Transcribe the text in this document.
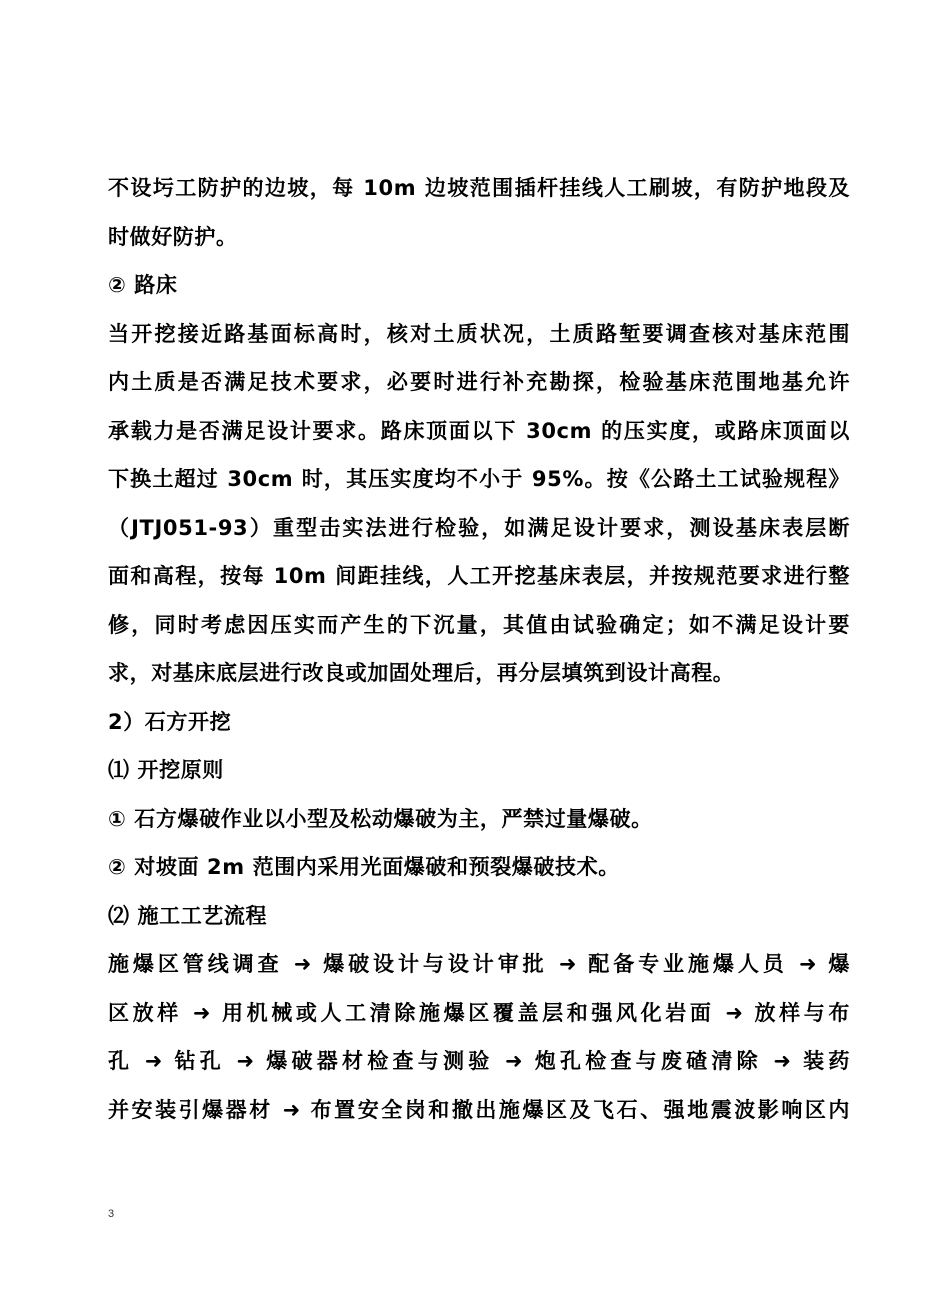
不设圬工防护的边坡，每 10m 边坡范围插杆挂线人工刷坡，有防护地段及
时做好防护。

② 路床

当开挖接近路基面标高时，核对土质状况，土质路堑要调查核对基床范围
内土质是否满足技术要求，必要时进行补充勘探，检验基床范围地基允许
承载力是否满足设计要求。路床顶面以下 30cm 的压实度，或路床顶面以
下换土超过 30cm 时，其压实度均不小于 95%。按《公路土工试验规程》
（JTJ051-93）重型击实法进行检验，如满足设计要求，测设基床表层断
面和高程，按每 10m 间距挂线，人工开挖基床表层，并按规范要求进行整
修，同时考虑因压实而产生的下沉量，其值由试验确定；如不满足设计要
求，对基床底层进行改良或加固处理后，再分层填筑到设计高程。

2）石方开挖

⑴ 开挖原则

① 石方爆破作业以小型及松动爆破为主，严禁过量爆破。

② 对坡面 2m 范围内采用光面爆破和预裂爆破技术。

⑵ 施工工艺流程

施爆区管线调查 ➜ 爆破设计与设计审批 ➜ 配备专业施爆人员 ➜ 爆
区放样 ➜ 用机械或人工清除施爆区覆盖层和强风化岩面 ➜ 放样与布
孔 ➜ 钻孔 ➜ 爆破器材检查与测验 ➜ 炮孔检查与废碴清除 ➜ 装药
并安装引爆器材 ➜ 布置安全岗和撤出施爆区及飞石、强地震波影响区内

3
